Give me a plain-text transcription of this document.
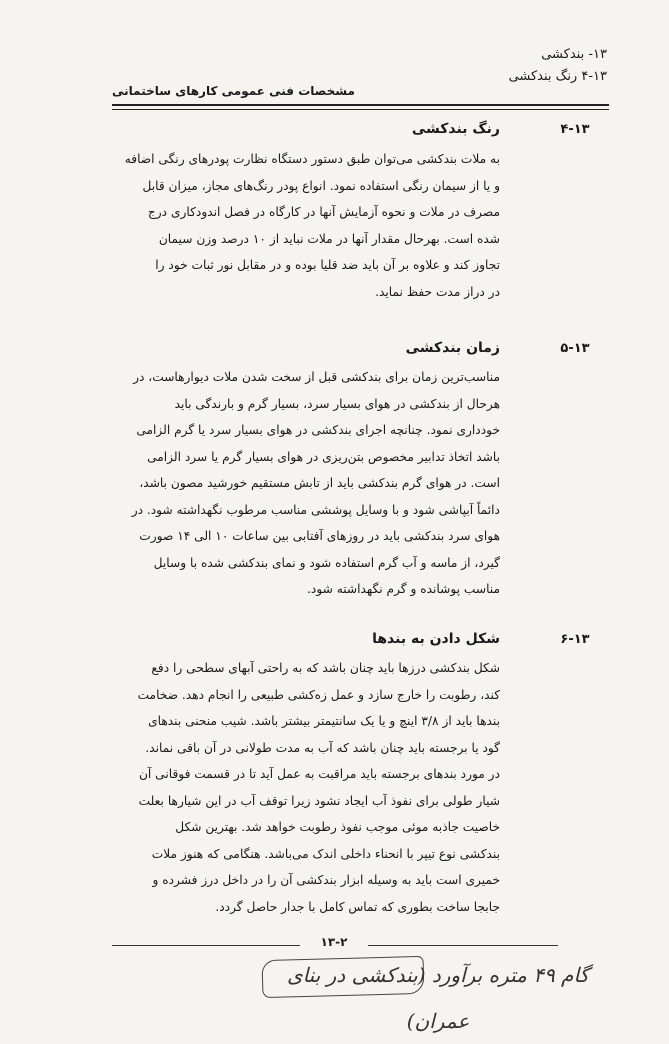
۱۳- بندکشی
۴-۱۳ رنگ بندکشی
مشخصات فنی عمومی کارهای ساختمانی
۴-۱۳
رنگ بندکشی

به ملات بندکشی می‌توان طبق دستور دستگاه نظارت پودرهای رنگی اضافه

و یا از سیمان رنگی استفاده نمود. انواع پودر رنگ‌های مجاز، میزان قابل

مصرف در ملات و نحوه آزمایش آنها در کارگاه در فصل اندودکاری درج

شده است. بهرحال مقدار آنها در ملات نباید از ۱۰ درصد وزن سیمان

تجاوز کند و علاوه بر آن باید ضد قلیا بوده و در مقابل نور ثبات خود را

در دراز مدت حفظ نماید.

۵-۱۳
زمان بندکشی

مناسب‌ترین زمان برای بندکشی قبل از سخت شدن ملات دیوارهاست، در

هرحال از بندکشی در هوای بسیار سرد، بسیار گرم و بارندگی باید

خودداری نمود. چنانچه اجرای بندکشی در هوای بسیار سرد یا گرم الزامی

باشد اتخاذ تدابیر مخصوص بتن‌ریزی در هوای بسیار گرم یا سرد الزامی

است. در هوای گرم بندکشی باید از تابش مستقیم خورشید مصون باشد،

دائماً آبپاشی شود و با وسایل پوششی مناسب مرطوب نگهداشته شود. در

هوای سرد بندکشی باید در روزهای آفتابی بین ساعات ۱۰ الی ۱۴ صورت

گیرد، از ماسه و آب گرم استفاده شود و نمای بندکشی شده با وسایل

مناسب پوشانده و گرم نگهداشته شود.

۶-۱۳
شکل دادن به بندها

شکل بندکشی درزها باید چنان باشد که به راحتی آبهای سطحی را دفع

کند، رطوبت را خارج سازد و عمل زه‌کشی طبیعی را انجام دهد. ضخامت

بندها باید از ۳/۸ اینچ و یا یک سانتیمتر بیشتر باشد. شیب منحنی بندهای

گود یا برجسته باید چنان باشد که آب به مدت طولانی در آن باقی نماند.

در مورد بندهای برجسته باید مراقبت به عمل آید تا در قسمت فوقانی آن

شیار طولی برای نفوذ آب ایجاد نشود زیرا توقف آب در این شیارها بعلت

خاصیت جاذبه موئی موجب نفوذ رطوبت خواهد شد. بهترین شکل

بندکشی نوع تیپر با انحناء داخلی اندک می‌باشد. هنگامی که هنوز ملات

خمیری است باید به وسیله ابزار بندکشی آن را در داخل درز فشرده و

جابجا ساخت بطوری که تماس کامل با جدار حاصل گردد.

۱۳-۲
گام ۴۹ متره برآورد (بندکشی در بنای عمران)
